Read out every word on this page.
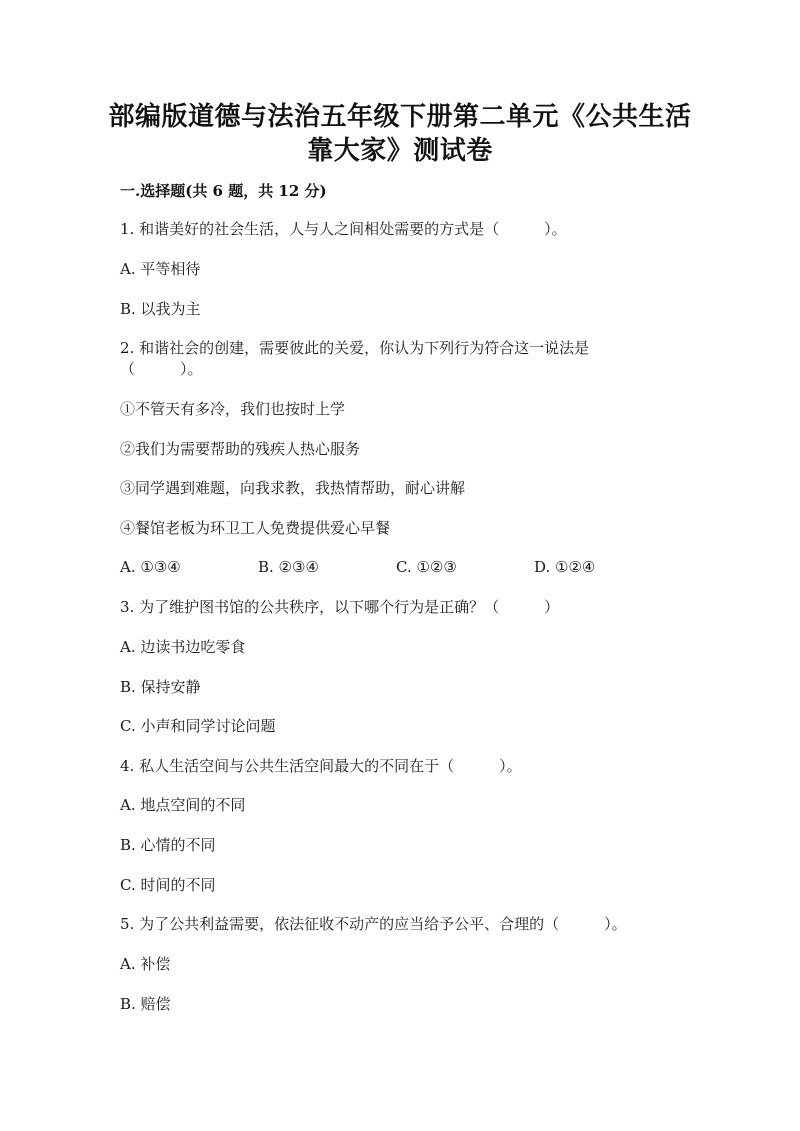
部编版道德与法治五年级下册第二单元《公共生活
靠大家》测试卷
一.选择题(共 6 题，共 12 分)
1. 和谐美好的社会生活，人与人之间相处需要的方式是（　　　）。
A. 平等相待
B. 以我为主
2. 和谐社会的创建，需要彼此的关爱，你认为下列行为符合这一说法是
（　　　）。
①不管天有多冷，我们也按时上学
②我们为需要帮助的残疾人热心服务
③同学遇到难题，向我求教，我热情帮助，耐心讲解
④餐馆老板为环卫工人免费提供爱心早餐
A. ①③④	B. ②③④	C. ①②③	D. ①②④
3. 为了维护图书馆的公共秩序，以下哪个行为是正确？（　　　）
A. 边读书边吃零食
B. 保持安静
C. 小声和同学讨论问题
4. 私人生活空间与公共生活空间最大的不同在于（　　　）。
A. 地点空间的不同
B. 心情的不同
C. 时间的不同
5. 为了公共利益需要，依法征收不动产的应当给予公平、合理的（　　　）。
A. 补偿
B. 赔偿
